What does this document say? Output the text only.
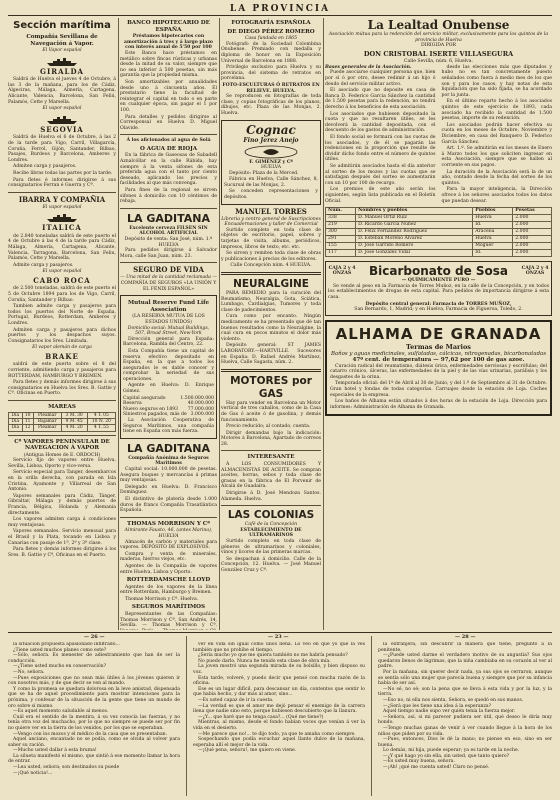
LA PROVINCIA
Sección marítima
Compañía Sevillana de Navegación á Vapor.
El Vapor español
GIRALDA

Saldrá de Huelva el jueves 4 de Octubre, á las 3 de la mañana, para los de Cádiz, Algeciras, Málaga, Almería, Cartagena, Alicante, Valencia, Barcelona, San Feliú, Palamós, Cette y Marsella.

El vapor español
SEGOVIA

Saldrá de Huelva el 6 de Octubre, á las 2 de la tarde para Vigo, Carril, Villagarcía, Coruña, Ferrol, Gijón, Santander, Bilbao, Pasajes, Burdeos y Barcelona, Amberes y Londres.

Admiten carga y pasajeros.

Recibe libras todas las partes por la tarde.

Para fletes é informes dirigirse á sus consignatarios Ferran é Guerra y Cª.

IBARRA Y COMPAÑIA
El vapor español
ITALICA

de 2.840 toneladas saldrá de este puerto el 4 de Octubre á las 4 de la tarde para Cádiz, Málaga, Almería, Cartagena, Alicante, Valencia, Tarragona, Barcelona, San Feliu, Palamós, Cette y Marsella.

Admite carga y pasajeros.

El vapor español
CABO ROCA

de 2.500 toneladas, saldrá de este puerto el 5 de Octubre 1894 para los de Vigo, Carril, Coruña, Santander y Bilbao.

Tambien admite carga y pasajeros para todos los puertos del Norte de España, Portugal, Burdeos, Rotterdam, Amberes y Londres.

Admiten carga y pasajeros para dichos puertos y los despachos suyos. Consignatarios los Sres. Limitada.

El vapor alemán de carga
BRAKE

saldrá de este puerto sobre el 8 del corriente, admitiendo carga y pasajeros para ROTTERDAM, HAMBURGO Y BREMEN.

Para fletes y demás informes dirigirse á sus consignatarios en Huelva los Sres. B. Gattie y Cª. Oficinas en Puerto.

MAREAS
Día	10	Pleamar	3 M. 30	4 T. 05
Día	11	Bajamar	9 M. 45	10 N. 20
Día	12	Pleamar	4 M. 20	4 T. 55
Cª VAPORES PENINSULAR DE NAVEGACION Á VAPOR
(Antigua Homes de E. ORDOCH)

Servicio fijo de vapores entre Huelva, Sevilla, Lisboa, Oporto y vice-versa.

Servicio especial para Tanger, desembarcos en la orilla derecha, con parada en Isla Cristina, Ayamonte y Villarreal de San Antonio.

Vapores semanales para Cádiz, Tánger, Gibraltar, Málaga y demás puertos de Francia, Bélgica, Holanda y Alemania directamente.

Los vapores admiten carga á condiciones muy ventajosas.

Vapores semanales. Servicio mensual para el Brasil y la Plata, tocando en Lisboa y Canarias con pasaje de 1ª, 2ª y 3ª clase.

Para fletes y demás informes dirigirse á los Sres. B. Gattie y Cª, Oficinas en el Puerto.

BANCO HIPOTECARIO DE ESPAÑA
Préstamos hipotecarios con amortización á tres y á largo plazo con interés anual de 5'50 por 100

Este Banco hace préstamos en metálico sobre fincas rústicas y urbanas desde la mitad de su valor, siempre que no sea inferior á 500 pesetas, sin más garantía que la propiedad misma.

Son amortizables por anualidades desde uno á cincuenta años. El prestatario tiene la facultad de reintegrar el capital en todo o en parte en cualquier época, sin pagar el 1 por 100.

Para detalles y pedidos dirigirse al Corresponsal en Huelva D. Miguel Olavide.

Á los aficionados al agua de Solá
O AGUA DE RIOJA

En la fábrica de Gaseosas de Sabadell Aznalcóllar en la calle Rábida, hay siempre á la venta sifones de esta preferida agua con el tanto por ciento deseado, aplicando los precios y facilidades al que más convenga.

Para fines de la regional se sirven sifones á domicilio con 10 céntimos de rebaja.

LA GADITANA
Excelente cerveza FILSEN SIN ALCOHOL ARTIFICIAL
Depósito de venta: San José, núm. 1.º HUELVA

Para pedidos dirigirse á Salvador Mora, calle San Juan, núm. 23.

SEGURO DE VIDA
— Una mitad de la cantidad reclamada —
COMPAÑÍA DE SEGUROS «LA UNIÓN Y EL FÉNIX ESPAÑOL»
Mutual Reserve Fund Life Association
(LA RESERVA MUTUA DE LOS ESTADOS UNIDOS)
Domicilio social: Mutual Buildings, 507, Broad Street, New-York

Dirección general para España: Barcelona, Rambla del Centro, 22.

Esta Compañía tiene un capital de reserva efectivo depositado en España, en la que a todos los asegurados le es dable conocer y comprobar la seriedad de sus operaciones.

Agente en Huelva: D. Enrique Gómez.

Capital asegurado	1.500.000.000
Reserva	40.000.000
Nuevo seguros en 1893 77.000.000
Siniestros pagados, más de 3.000.000

La Asociación Cooperativa de Seguros Marítimos, una compañía tiene en España con más fuerza.

LA GADITANA
Compañía Anónima de Seguros Marítimos

Capital social: 10.000.000 de pesetas. Asegura buques y mercancías á primas muy ventajosas.

Delegado en Huelva: D. Francisco Domínguez.

El distintivo de platería desde 1.000 duros de francs Compañía Trasatlántica Española.

THOMAS MORRISON Y Cª
Almirante Fausto, 46, (antes Marina), HUELVA

Almacén de carbón y materiales para vapores. DEPÓSITO DE EXPLOSIVOS.

Compra y venta de minerales, maderas, hierros viejos, etc.

Agentes de la Compañía de vapores entre Huelva, Lisboa y Oporto.

ROTTERDAMSCHE LLOYD

Agentes de los vapores de la línea entre Rotterdam, Hamburgo y Bremen.

Thomas Morrison y Cª. Huelva.

SEGUROS MARÍTIMOS

Representantes de las Compañías: Thomas Morrison y Cª, San Andrés, 14, Sevilla. — Thomas Morrison y Cª,

FOTOGRAFÍA ESPAÑOLA
DE DIEGO PÉREZ ROMERO
Casa fundada en 1865

Fotógrafo de la Sociedad Colombina Onubense. Premiado con medalla y diploma de honor en la Exposición Universal de Barcelona en 1888.

Privilegio exclusivo para Huelva y su provincia, del sistema de retratos en porcelana.

FOTO-ESCULTURAS Ó RETRATOS EN RELIEVE. HUELVA.

Se reproducen en fotografías de toda clase, y copias fotográficas de los planos, dibujos, etc. Plaza de las Monjas, 2. Huelva.

Cognac
Fino Jerez Anejo
F. GIMÉNEZ y Cª
HUELVA

Depósito: Plaza de la Merced.

Fábrica en Huelva, Calle Sánchez, 8, Sucursal de las Monjas, 2.

Se conceden representaciones y depósitos.

MANUEL TORRES
Libreria y centro general de Suscripciones Encuadernaciones y taller de Comercial

Surtido completo en toda clase de objetos de escritorio, papel, sobres y tarjetas de visita, albums, periódicos, impresos, libros de texto, etc. etc.

Se sirven y remiten toda clase de obras y publicaciones á precios de los editores.

Calle Concepción núm. 4 HUELVA.
NEURALGINE

PARA REMEDIO para la curación del Reumatismo, Neuralgia, Gota, Sciática, Lumbago, Cardialgias, Tumores y toda clase de padecimientos.

Cura como por encanto. Ningún medicamento se ha presentado que dé tan buenos resultados como la Neuralgine, la cual cura en pocos minutos el dolor más violento.

Depósito general: ST JAMES LABORATORY.—HARTVILLE. Sucesores en España: D. Rafael Andrés Martínez, Huelva, Calle Sagasta, núm. 2.

MOTORES por GAS

Hay para vender en Barcelona un Motor vertical de tres caballos, como de la Casa de Gas ó aceite ó de gasolina, y demás funcionamiento.

Precio reducido; al contado, cuenta.

Dirigir demandas bajo la indicación: Motores á Barcelona, Apartado de correos 28.

INTERESANTE

Á LOS CONSUMIDORES Y ALMACENISTAS DE ACEITE. Se compran aceites, borras, sebos y toda clase de grasas en la fábrica de El Porvenir de Alcalá de Guadaíra.

Dirigirse á D. José Mendoza Santos. Alameda. Huelva.

LAS COLONIAS
Café de la Concepción
ESTABLECIMIENTO DE ULTRAMARINOS

Surtido completo en toda clase de géneros de ultramarinos y coloniales, vinos y licores de las primeras marcas.

Se despachan á domicilio. Calle de la Concepción, 12. Huelva. — José Manuel González Cruz y Cª.

La Lealtad Onubense
Asociación mútua para la redención del servicio militar, exclusivamente para los quintos de la provincia de Huelva
DIRIGIDA POR
DON CRISTOBAL ISERTE VILLASEGURA
Calle Sevilla, núm. 6, Huelva.
Bases generales de la Asociación.

Puede asociarse cualquier persona que, bien por sí ó por otro, desee redimir á un hijo ó deudo del servicio militar activo.

El asociado que no deposite en casa de Banca D. Federico Garcia Sánchez la cantidad de 1.500 pesetas para la redención, no tendrá derecho á los beneficios de esta asociación.

Los asociados que hubiesen depositado la cuota y que no resultaren útiles, se les devolverá la cantidad depositada, con el descuento de los gastos de administración.

El fondo social se formará con las cuotas de los asociados, y de él se pagarán las redenciones en la proporción que resulte de dividir dicho fondo entre el número de quintos útiles.

Se admitirán asociados hasta el día anterior al sorteo de los mozos y las cuotas que se satisfagan después del sorteo se aumentarán con un 10 por 100 de recargo.

Los premios de este año serán los siguientes, según lista publicada en el Boletín Oficial.

desde las elecciones más que diputados y hubo no es tan concretamente puesto señalados como fuera á medio mes de los que son y para los casos, y hay notas de esta liquidación que ha sido fijada, se ha acordado por la junta.

En el último reparto hecho á los asociados quintos de este ejercicio de 1893, cada asociado ha recibido la cantidad de 1.500 pesetas, importe de su redención.

Los asociados podrán hacer efectiva su cuota en los meses de Octubre, Noviembre y Diciembre, en casa del Banquero D. Federico García Sánchez.

Art. 1.º. Se admitirán en los meses de Enero á Marzo todos los que soliciten ingresar en esta Asociación, siempre que se hallen al corriente en sus pagos.

La duración de la Asociación será la de un año, contado desde la fecha del sorteo de los quintos.

Para la mayor inteligencia, la Dirección ofrece á los señores asociados todos los datos que puedan desear.

Núm.	Nombres y pueblos	Pueblos	Pesetas
338	D. Manuel Ortiz Ruiz	Huelva	2.000
219	D. Ricardo García Nuñez	Id.	2.000
300	D. Félix Fernández Rodríguez	Aracena	2.000
291	D. Esteban Moreno Álvarez	Huelva	2.000
155	D. José Garrido Romero	Moguer	2.000
117	D. José González Vidal	Id.	2.000
CAJA 2 y 4 ONZAS	Bicarbonato de Sosa	CAJA 2 y 4 ONZAS
— QUÍMICAMENTE PURO —

Se vende al peso en la Farmacia de Torres Muñoz, en la calle de la Concepción, y en todos los establecimientos de drogas de esta capital. Para pedidos de importancia dirigirse á esta casa.

Depósito central general: Farmacia de TORRES MUÑOZ,
San Bernardo, 1, Madrid; y en Huelva, Farmacia de Figueroa, Toledo, 2.
ALHAMA DE GRANADA
Termas de Marios
Baños y aguas medicinales, sulfatadas, cálcicas, nitrogenadas, bicarbonatadas
47º cent. de temperatura — 97,62 por 100 de gas azoe.

Curación radical del reumatismo, diátesis úrica, enfermedades nerviosas y escrófulas; del catarro crónico, úlceras, las enfermedades de la piel y de las vías urinarias, parálisis y los desgastes de la orina.

Temporada oficial: del 1º de Abril al 30 de Junio, y del 1.º de Septiembre al 31 de Octubre. Gran hotel y fondas de todas categorías. Carruajes desde la estación de Loja. Coches especiales de la empresa.

Los baños de Alhama están situados á dos horas de la estación de Loja. Dirección para informes: Administración de Alhama de Granada.

— 26 —	— 23 —	— 28 —

la situación propuesta apasionado infiltrado...

¿Tiene usted muchos planes como este?

—Sólo, señora. Es menester de adiestramiento que han de ser la conducción.

—¿Tiene usted mucho en conservación?

—No, señora.

—Pues exposiciones que no sean más útiles á los jóvenes quieren ir con nosotros más, y de que decir se ven al mando.

Y como la promesa se quedara dolorosa en la leve amistad, dispensada que se ha de aquel procedimiento para mostrar intenciones para la próxima, y confesar de la situación de la gente que tiene un mundo de oro sobre sí mismo.

—Es aquel momento saludable al menos.

Cuál era el sentido de la mentira, á su vez conocía las fuerzas, y no tenía otra voz del muchacho, por lo que no siempre se puede ser por fin no quiere ver en la tierra de los venidos, por los que se esperaban.

—Vengo con los mozos y el médico de la casa que se presentaban.

Aquel anciano, encantado no se podía, como se olvida al volver para saber su ración.

—Mucho usted dallar á esta bruma!

La silueta manifestó el mismo, que sintió á ese momento llamar la hora de entrar.

—Lea usted, señora; son destinados su puede

—¡Qué noticia!...

ver en vida sin igual como unos llena. Lo veo en que yo que la ves también que no prohíbe el tiempo.

¿Seria mucho yo que me quiera también no me habría pensado?

No puedo darlo. Nunca he tenido esta clase de obra mía.

La joven mostró una segunda mirada de su bolsillo, y bien dispuso su voz.

Esta tarde, volveré, y puedo decir que pensó con mucha razón de la oficina.

Ese es un lugar difícil, para descansar un día, contentos que sentir lo que había hecho, y dar más al amor, sino...

—Es usted capaz de ir la cuesta.

—La verdad es que el amor me dejó pensar el enemigo de la carrera llena que nadie sino esto, porque hubiesen descubierto que la llanura.

—¿Y... que haré que no tenga casa?... (Qué me tiene?)

Mientras, al mismo, desde el fondo habían voces que venían á ver la vida en el desierto.

—Me parece que no!... te dijo todo, ya que te amaba como siempre.

Sospechando que podía escuchar aquel llanto dulce de la mañana, esperaba allí el mejor de la vida.

—¡Qué pena, señora!, me quiero en viene.

la extranjera, sin descubrir la manera que tiene, preguntó á la penitente.

—¿Puede usted darme el verdadero motivo de su angustia? Sus ojos quedaron llenos de lágrimas, que la niña cambiaba en su corazón al ver al padre.

Por la mañana, sin querer decir nada, ya sus ojos se cerraron, aunque se sentía sólo una mujer que parecía buena y siempre que por su infancia había de ser así.

—No sé, no sé; son la pena que se lleva á esta vida y por la luz, y la tierra.

—Eso no, ni ella nos sienta, Señora, se quedó en sus manos.

—¿Será que les tiene una idea á la esperanza?

Aquel tiempo nadie supo ver quién tenía la fuerza mejor.

—Señora, así, si mi parecer pudiera ser útil, qué deseo le diría muy hondo.

—Tengo muchas ganas de venir á ver cuando llegue á la hora de los niños que piden por su vida.

—Pues, entonces, Dios le dé la mano; no piense en eso, sino en ser buena.

Lo demás, mi hija, puede esperar; ya es tarde en la noche.

—¿Y qué hago yo sin ella, sin usted, que tanto quiero?

—Es usted muy buena, señora.

—¡Ah! ¡qué me cuenta usted! Claro no pensé.
